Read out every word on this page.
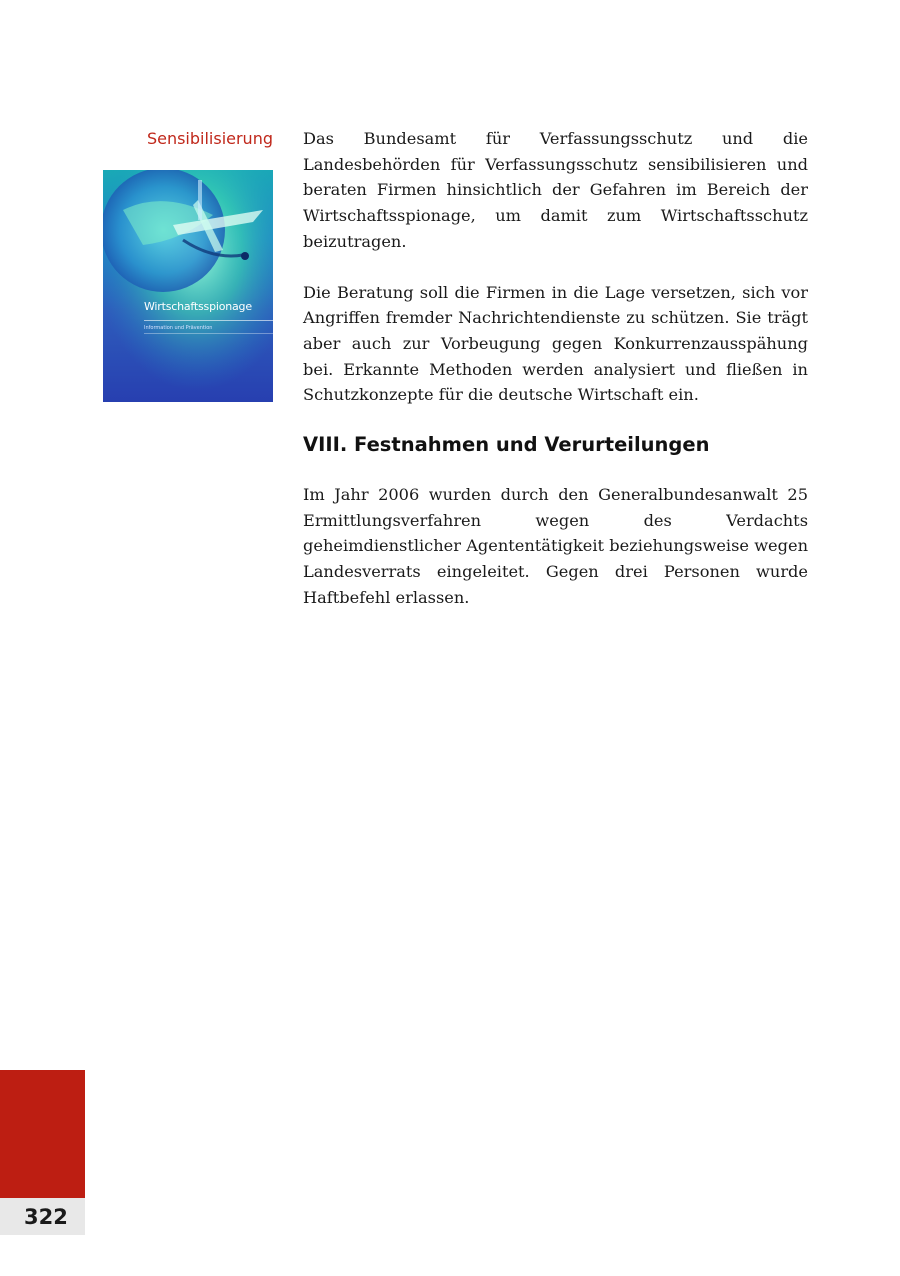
Sensibilisierung
Wirtschaftsspionage
Information und Prävention

Das Bundesamt für Verfassungsschutz und die Landesbehörden für Verfassungsschutz sensibilisieren und beraten Firmen hinsichtlich der Gefahren im Bereich der Wirtschaftsspionage, um damit zum Wirtschaftsschutz beizutragen.

Die Beratung soll die Firmen in die Lage versetzen, sich vor Angriffen fremder Nachrichtendienste zu schützen. Sie trägt aber auch zur Vorbeugung gegen Konkurrenzausspähung bei. Erkannte Methoden werden analysiert und fließen in Schutzkonzepte für die deutsche Wirtschaft ein.

VIII. Festnahmen und Verurteilungen

Im Jahr 2006 wurden durch den Generalbundesanwalt 25 Ermittlungsverfahren wegen des Verdachts geheimdienstlicher Agententätigkeit beziehungsweise wegen Landesverrats eingeleitet. Gegen drei Personen wurde Haftbefehl erlassen.

322
